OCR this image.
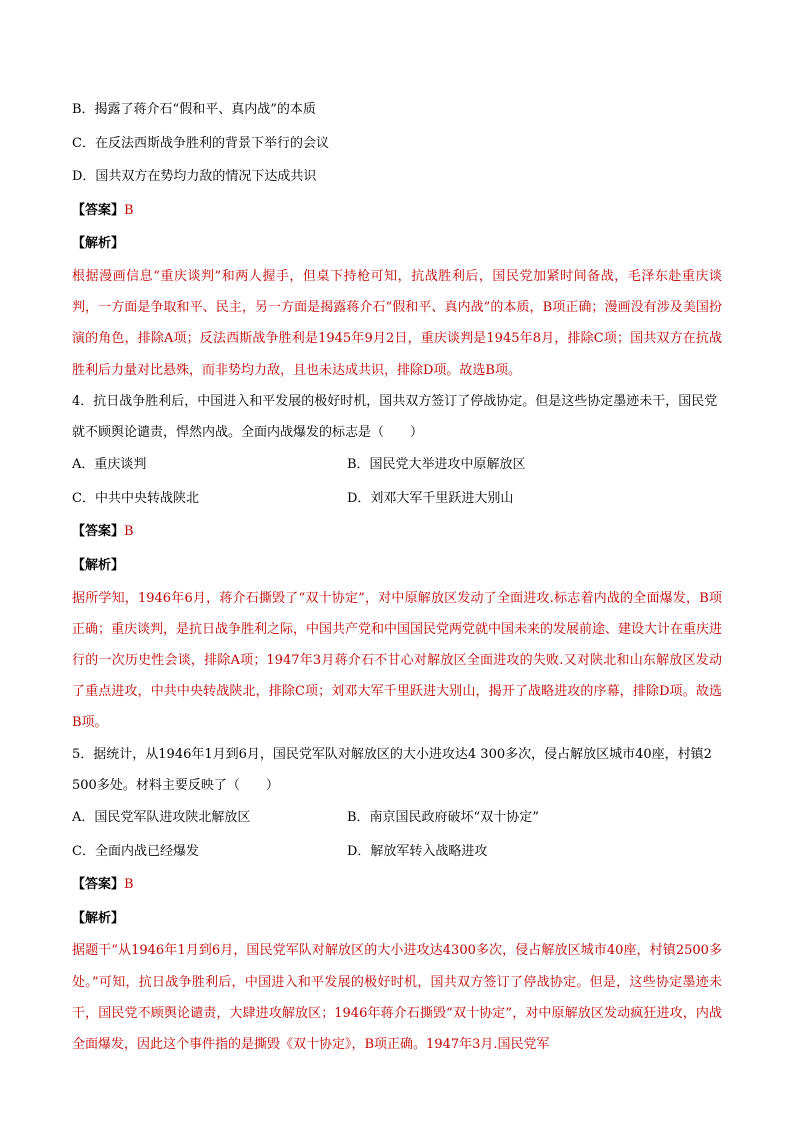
B．揭露了蒋介石“假和平、真内战”的本质
C．在反法西斯战争胜利的背景下举行的会议
D．国共双方在势均力敌的情况下达成共识
【答案】B
【解析】
根据漫画信息“重庆谈判”和两人握手，但桌下持枪可知，抗战胜利后，国民党加紧时间备战，毛泽东赴重庆谈判，一方面是争取和平、民主，另一方面是揭露蒋介石“假和平、真内战”的本质，B项正确；漫画没有涉及美国扮演的角色，排除A项；反法西斯战争胜利是1945年9月2日，重庆谈判是1945年8月，排除C项；国共双方在抗战胜利后力量对比悬殊，而非势均力敌，且也未达成共识，排除D项。故选B项。
4．抗日战争胜利后，中国进入和平发展的极好时机，国共双方签订了停战协定。但是这些协定墨迹未干，国民党就不顾舆论谴责，悍然内战。全面内战爆发的标志是（　　）
A．重庆谈判	B．国民党大举进攻中原解放区
C．中共中央转战陕北	D．刘邓大军千里跃进大别山
【答案】B
【解析】
据所学知，1946年6月，蒋介石撕毁了“双十协定”，对中原解放区发动了全面进攻.标志着内战的全面爆发，B项正确；重庆谈判，是抗日战争胜利之际，中国共产党和中国国民党两党就中国未来的发展前途、建设大计在重庆进行的一次历史性会谈，排除A项；1947年3月蒋介石不甘心对解放区全面进攻的失败.又对陕北和山东解放区发动了重点进攻，中共中央转战陕北，排除C项；刘邓大军千里跃进大别山，揭开了战略进攻的序幕，排除D项。故选B项。
5．据统计，从1946年1月到6月，国民党军队对解放区的大小进攻达4 300多次，侵占解放区城市40座，村镇2 500多处。材料主要反映了（　　）
A．国民党军队进攻陕北解放区	B．南京国民政府破坏“双十协定”
C．全面内战已经爆发	D．解放军转入战略进攻
【答案】B
【解析】
据题干“从1946年1月到6月，国民党军队对解放区的大小进攻达4300多次，侵占解放区城市40座，村镇2500多处。”可知，抗日战争胜利后，中国进入和平发展的极好时机，国共双方签订了停战协定。但是，这些协定墨迹未干，国民党不顾舆论谴责，大肆进攻解放区；1946年蒋介石撕毁“双十协定”，对中原解放区发动疯狂进攻，内战全面爆发，因此这个事件指的是撕毁《双十协定》，B项正确。1947年3月.国民党军
